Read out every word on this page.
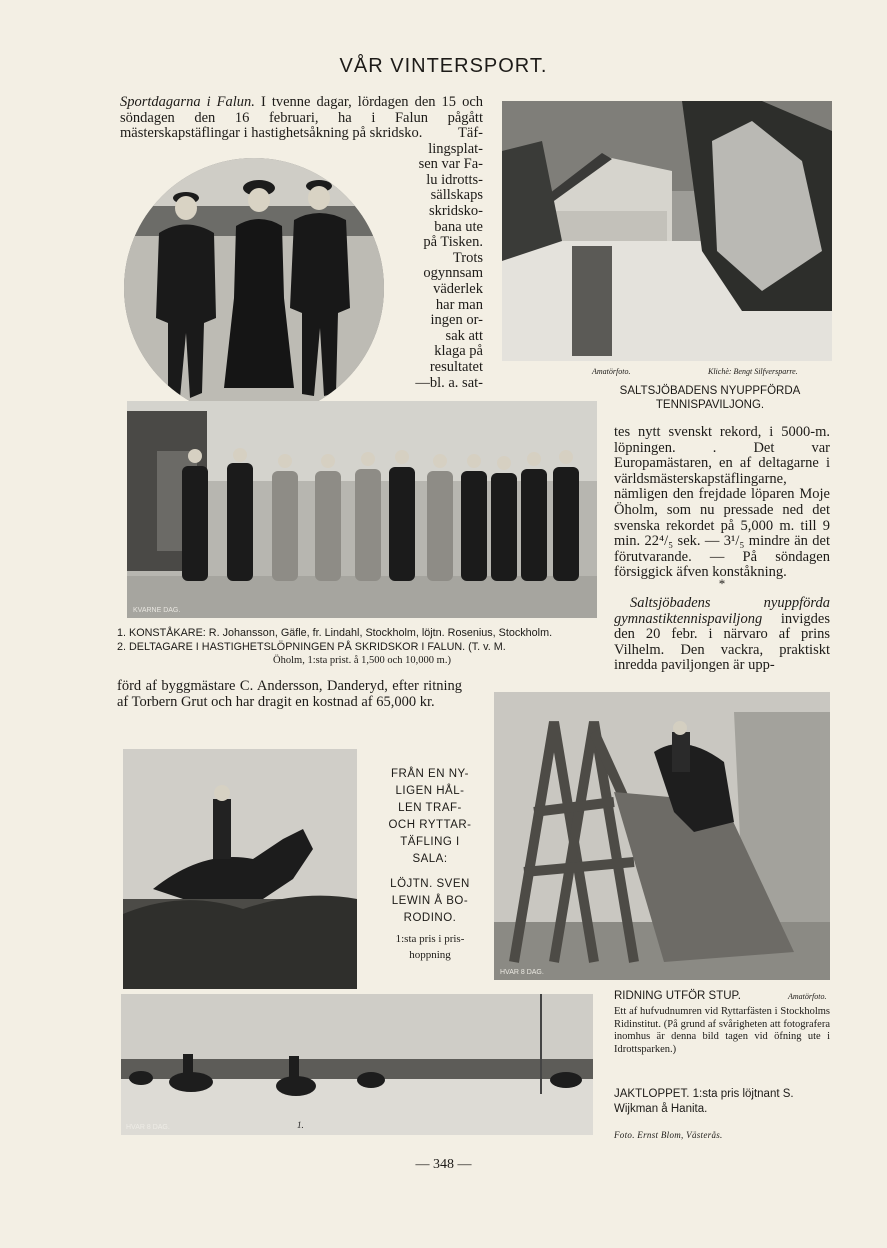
VÅR VINTERSPORT.
Sportdagarna i Falun. I tvenne dagar, lördagen den 15 och söndagen den 16 februari, ha i Falun pågått mästerskapstäflingar i hastighetsåkning på skridsko.	Täf-
lingsplat-
sen var Fa-
lu idrotts-
sällskaps
skridsko-
bana ute
på Tisken.
Trots
ogynnsam
väderlek
har man
ingen or-
sak att
klaga på
resultatet
—bl. a. sat-
Amatörfoto.	Klichè: Bengt Silfversparre.
SALTSJÖBADENS NYUPPFÖRDA
TENNISPAVILJONG.
KVARNE DAG.
tes nytt svenskt rekord, i 5000-m. löpningen. . Det var Europamästaren, en af deltagarne i världsmästerskapstäflingarne, nämligen den frejdade löparen Moje Öholm, som nu pressade ned det svenska rekordet på 5,000 m. till 9 min. 22⁴/₅ sek. — 3¹/₅ mindre än det förutvarande. — På söndagen försiggick äfven konståkning.
*
Saltsjöbadens nyuppförda gymnastiktennispaviljong invigdes den 20 febr. i närvaro af prins Vilhelm. Den vackra, praktiskt inredda paviljongen är upp-
1. KONSTÅKARE: R. Johansson, Gäfle, fr. Lindahl, Stockholm, löjtn. Rosenius, Stockholm.
2. DELTAGARE I HASTIGHETSLÖPNINGEN PÅ SKRIDSKOR I FALUN. (T. v. M.
Öholm, 1:sta prist. å 1,500 och 10,000 m.)
förd af byggmästare C. Andersson, Danderyd, efter ritning af Torbern Grut och har dragit en kostnad af 65,000 kr.
HVAR 8 DAG.
FRÅN EN NY-
LIGEN HÅL-
LEN TRAF-
OCH RYTTAR-
TÄFLING I
SALA:
LÖJTN. SVEN
LEWIN Å BO-
RODINO.
1:sta pris i pris-
hoppning
RIDNING UTFÖR STUP.	Amatörfoto.
Ett af hufvudnumren vid Ryttarfästen i Stockholms Ridinstitut. (På grund af svårigheten att fotografera inomhus är denna bild tagen vid öfning ute i Idrottsparken.)
HVAR 8 DAG.	1.
JAKTLOPPET. 1:sta pris löjtnant S. Wijkman å Hanita.
Foto. Ernst Blom, Västerås.
— 348 —
